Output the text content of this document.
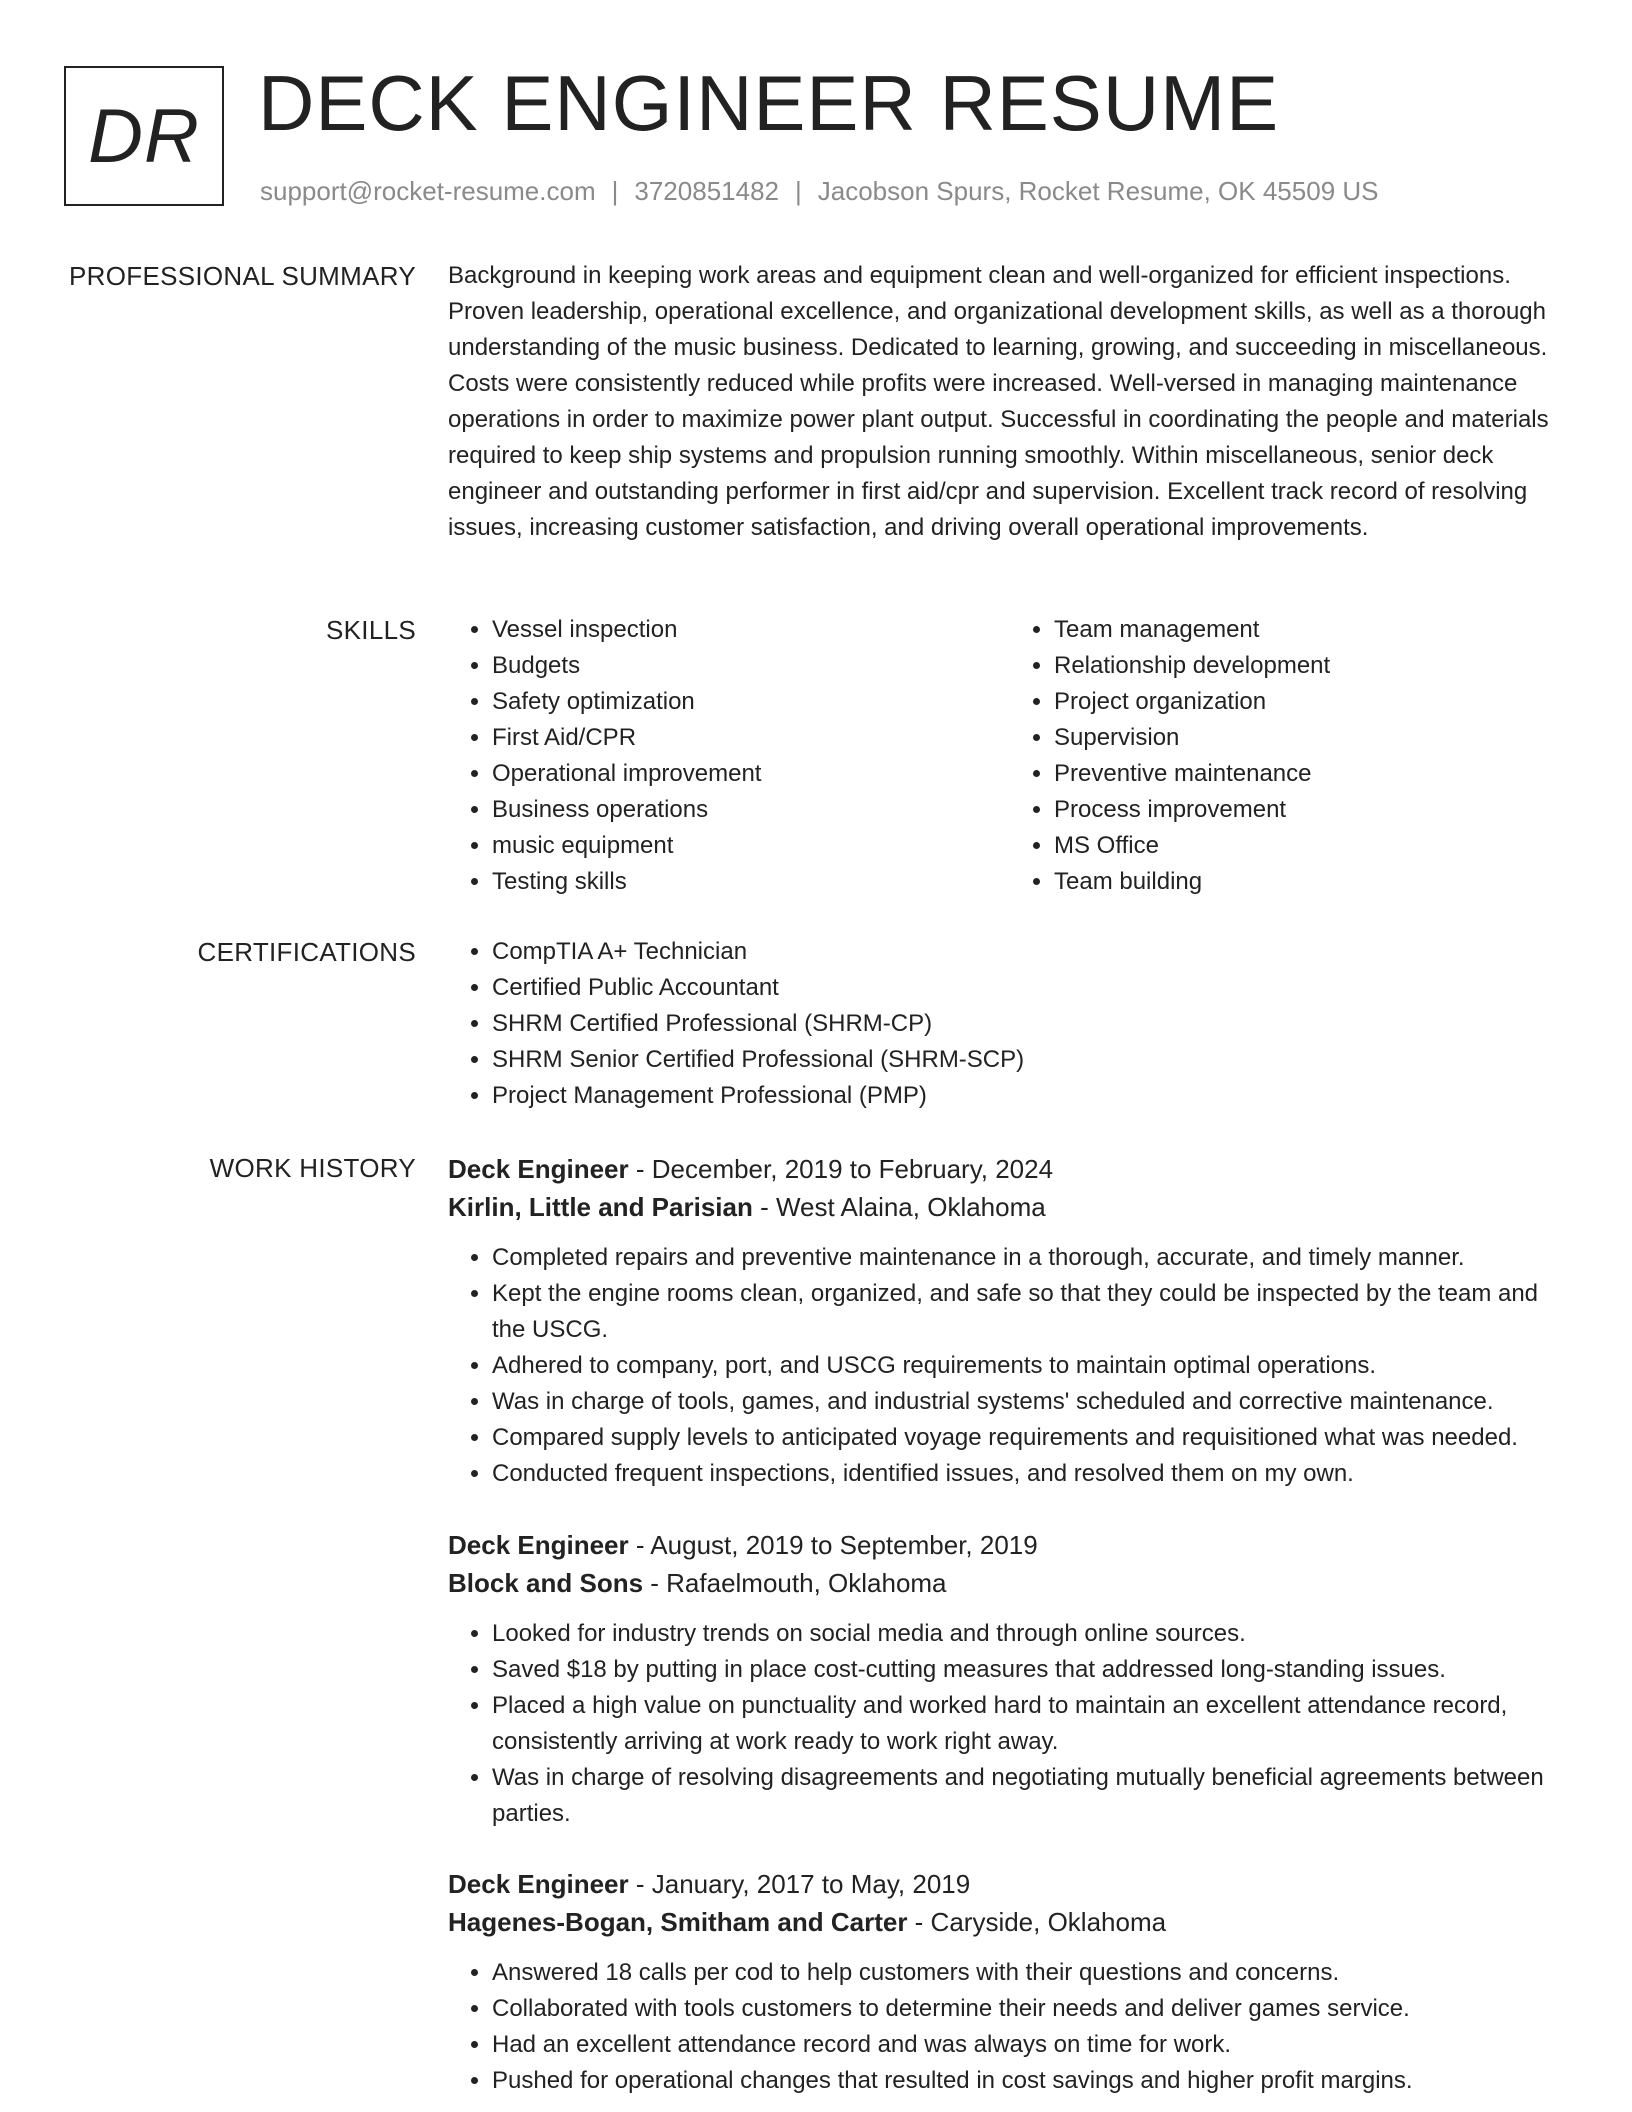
DR DECK ENGINEER RESUME
support@rocket-resume.com | 3720851482 | Jacobson Spurs, Rocket Resume, OK 45509 US
PROFESSIONAL SUMMARY Background in keeping work areas and equipment clean and well-organized for efficient inspections. Proven leadership, operational excellence, and organizational development skills, as well as a thorough understanding of the music business. Dedicated to learning, growing, and succeeding in miscellaneous. Costs were consistently reduced while profits were increased. Well-versed in managing maintenance operations in order to maximize power plant output. Successful in coordinating the people and materials required to keep ship systems and propulsion running smoothly. Within miscellaneous, senior deck engineer and outstanding performer in first aid/cpr and supervision. Excellent track record of resolving issues, increasing customer satisfaction, and driving overall operational improvements.

SKILLS	• Vessel inspection
• Budgets
• Safety optimization
• First Aid/CPR
• Operational improvement
• Business operations
• music equipment
• Testing skills
• Team management
• Relationship development
• Project organization
• Supervision
• Preventive maintenance
• Process improvement
• MS Office
• Team building
CERTIFICATIONS	• CompTIA A+ Technician
• Certified Public Accountant
• SHRM Certified Professional (SHRM-CP)
• SHRM Senior Certified Professional (SHRM-SCP)
• Project Management Professional (PMP)
WORK HISTORY Deck Engineer - December, 2019 to February, 2024
Kirlin, Little and Parisian - West Alaina, Oklahoma
• Completed repairs and preventive maintenance in a thorough, accurate, and timely manner.
• Kept the engine rooms clean, organized, and safe so that they could be inspected by the team and the USCG.
• Adhered to company, port, and USCG requirements to maintain optimal operations.
• Was in charge of tools, games, and industrial systems' scheduled and corrective maintenance.
• Compared supply levels to anticipated voyage requirements and requisitioned what was needed.
• Conducted frequent inspections, identified issues, and resolved them on my own.
Deck Engineer - August, 2019 to September, 2019
Block and Sons - Rafaelmouth, Oklahoma
• Looked for industry trends on social media and through online sources.
• Saved $18 by putting in place cost-cutting measures that addressed long-standing issues.
• Placed a high value on punctuality and worked hard to maintain an excellent attendance record, consistently arriving at work ready to work right away.
• Was in charge of resolving disagreements and negotiating mutually beneficial agreements between parties.
Deck Engineer - January, 2017 to May, 2019
Hagenes-Bogan, Smitham and Carter - Caryside, Oklahoma
• Answered 18 calls per cod to help customers with their questions and concerns.
• Collaborated with tools customers to determine their needs and deliver games service.
• Had an excellent attendance record and was always on time for work.
• Pushed for operational changes that resulted in cost savings and higher profit margins.
